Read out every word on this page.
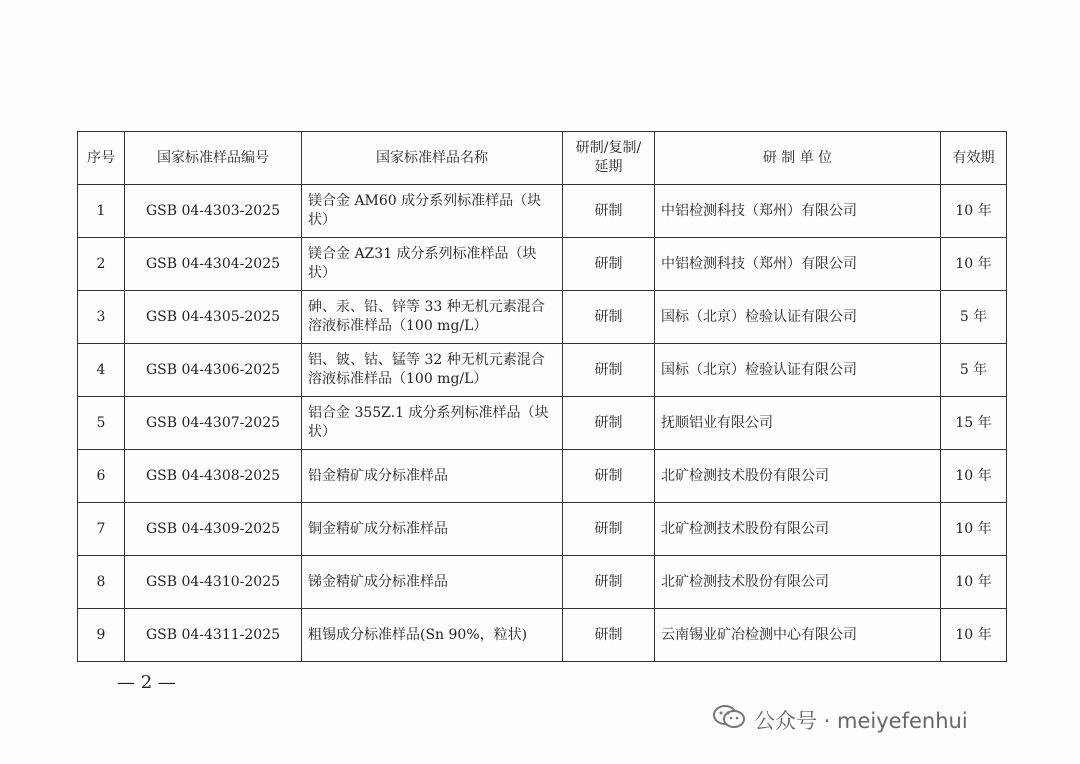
序号	国家标准样品编号	国家标准样品名称	研制/复制/延期	研 制 单 位	有效期
1	GSB 04-4303-2025	镁合金 AM60 成分系列标准样品（块状）	研制	中铝检测科技（郑州）有限公司	10 年
2	GSB 04-4304-2025	镁合金 AZ31 成分系列标准样品（块状）	研制	中铝检测科技（郑州）有限公司	10 年
3	GSB 04-4305-2025	砷、汞、铅、锌等 33 种无机元素混合溶液标准样品（100 mg/L）	研制	国标（北京）检验认证有限公司	5 年
4	GSB 04-4306-2025	铝、铍、钴、锰等 32 种无机元素混合溶液标准样品（100 mg/L）	研制	国标（北京）检验认证有限公司	5 年
5	GSB 04-4307-2025	铝合金 355Z.1 成分系列标准样品（块状）	研制	抚顺铝业有限公司	15 年
6	GSB 04-4308-2025	铅金精矿成分标准样品	研制	北矿检测技术股份有限公司	10 年
7	GSB 04-4309-2025	铜金精矿成分标准样品	研制	北矿检测技术股份有限公司	10 年
8	GSB 04-4310-2025	锑金精矿成分标准样品	研制	北矿检测技术股份有限公司	10 年
9	GSB 04-4311-2025	粗锡成分标准样品(Sn 90%，粒状)	研制	云南锡业矿冶检测中心有限公司	10 年
— 2 —
公众号 · meiyefenhui
